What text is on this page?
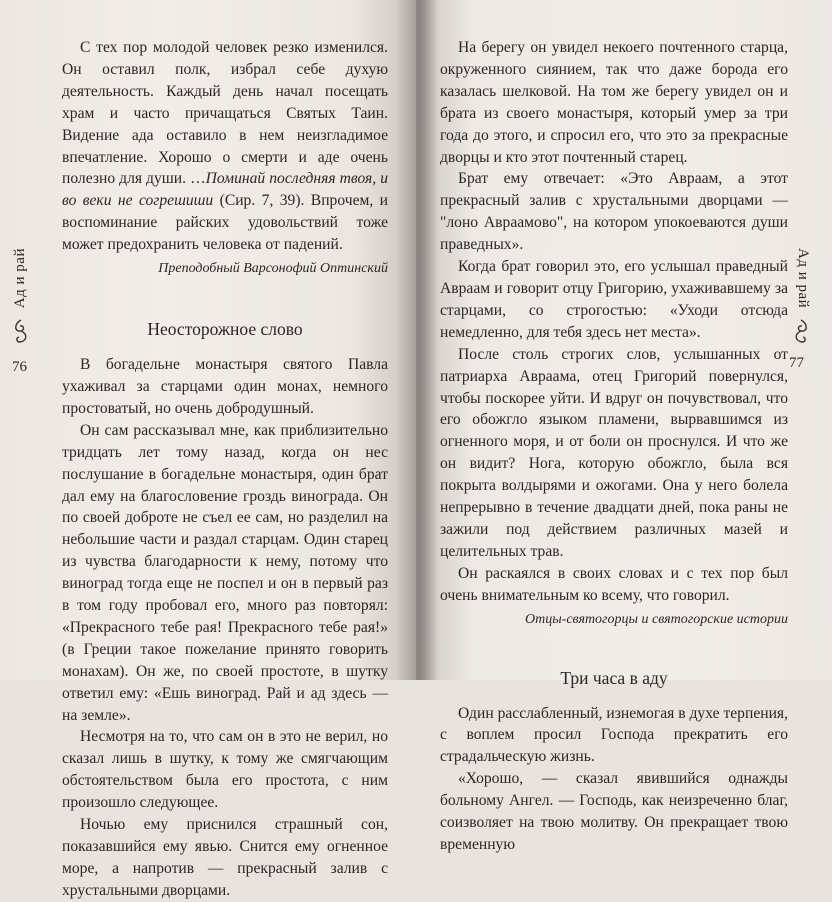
Ад и рай
76

С тех пор молодой человек резко изменился. Он оставил полк, избрал себе духую деятельность. Каждый день начал посещать храм и часто причащаться Святых Таин. Видение ада оставило в нем неизгладимое впечатление. Хорошо о смерти и аде очень полезно для души. …Поминай последняя твоя, и во веки не согрешиши (Сир. 7, 39). Впрочем, и воспоминание райских удовольствий тоже может предохранить человека от падений.

Преподобный Варсонофий Оптинский

Неосторожное слово

В богадельне монастыря святого Павла ухаживал за старцами один монах, немного простоватый, но очень добродушный.

Он сам рассказывал мне, как приблизительно тридцать лет тому назад, когда он нес послушание в богадельне монастыря, один брат дал ему на благословение гроздь винограда. Он по своей доброте не съел ее сам, но разделил на небольшие части и раздал старцам. Один старец из чувства благодарности к нему, потому что виноград тогда еще не поспел и он в первый раз в том году пробовал его, много раз повторял: «Прекрасного тебе рая! Прекрасного тебе рая!» (в Греции такое пожелание принято говорить монахам). Он же, по своей простоте, в шутку ответил ему: «Ешь виноград. Рай и ад здесь — на земле».

Несмотря на то, что сам он в это не верил, но сказал лишь в шутку, к тому же смягчающим обстоятельством была его простота, с ним произошло следующее.

Ночью ему приснился страшный сон, показавшийся ему явью. Снится ему огненное море, а напротив — прекрасный залив с хрустальными дворцами.

Ад и рай
77

На берегу он увидел некоего почтенного старца, окруженного сиянием, так что даже борода его казалась шелковой. На том же берегу увидел он и брата из своего монастыря, который умер за три года до этого, и спросил его, что это за прекрасные дворцы и кто этот почтенный старец.

Брат ему отвечает: «Это Авраам, а этот прекрасный залив с хрустальными дворцами — "лоно Авраамово", на котором упокоеваются души праведных».

Когда брат говорил это, его услышал праведный Авраам и говорит отцу Григорию, ухаживавшему за старцами, со строгостью: «Уходи отсюда немедленно, для тебя здесь нет места».

После столь строгих слов, услышанных от патриарха Авраама, отец Григорий повернулся, чтобы поскорее уйти. И вдруг он почувствовал, что его обожгло языком пламени, вырвавшимся из огненного моря, и от боли он проснулся. И что же он видит? Нога, которую обожгло, была вся покрыта волдырями и ожогами. Она у него болела непрерывно в течение двадцати дней, пока раны не зажили под действием различных мазей и целительных трав.

Он раскаялся в своих словах и с тех пор был очень внимательным ко всему, что говорил.

Отцы-святогорцы и святогорские истории

Три часа в аду

Один расслабленный, изнемогая в духе терпения, с воплем просил Господа прекратить его страдальческую жизнь.

«Хорошо, — сказал явившийся однажды больному Ангел. — Господь, как неизреченно благ, соизволяет на твою молитву. Он прекращает твою временную
